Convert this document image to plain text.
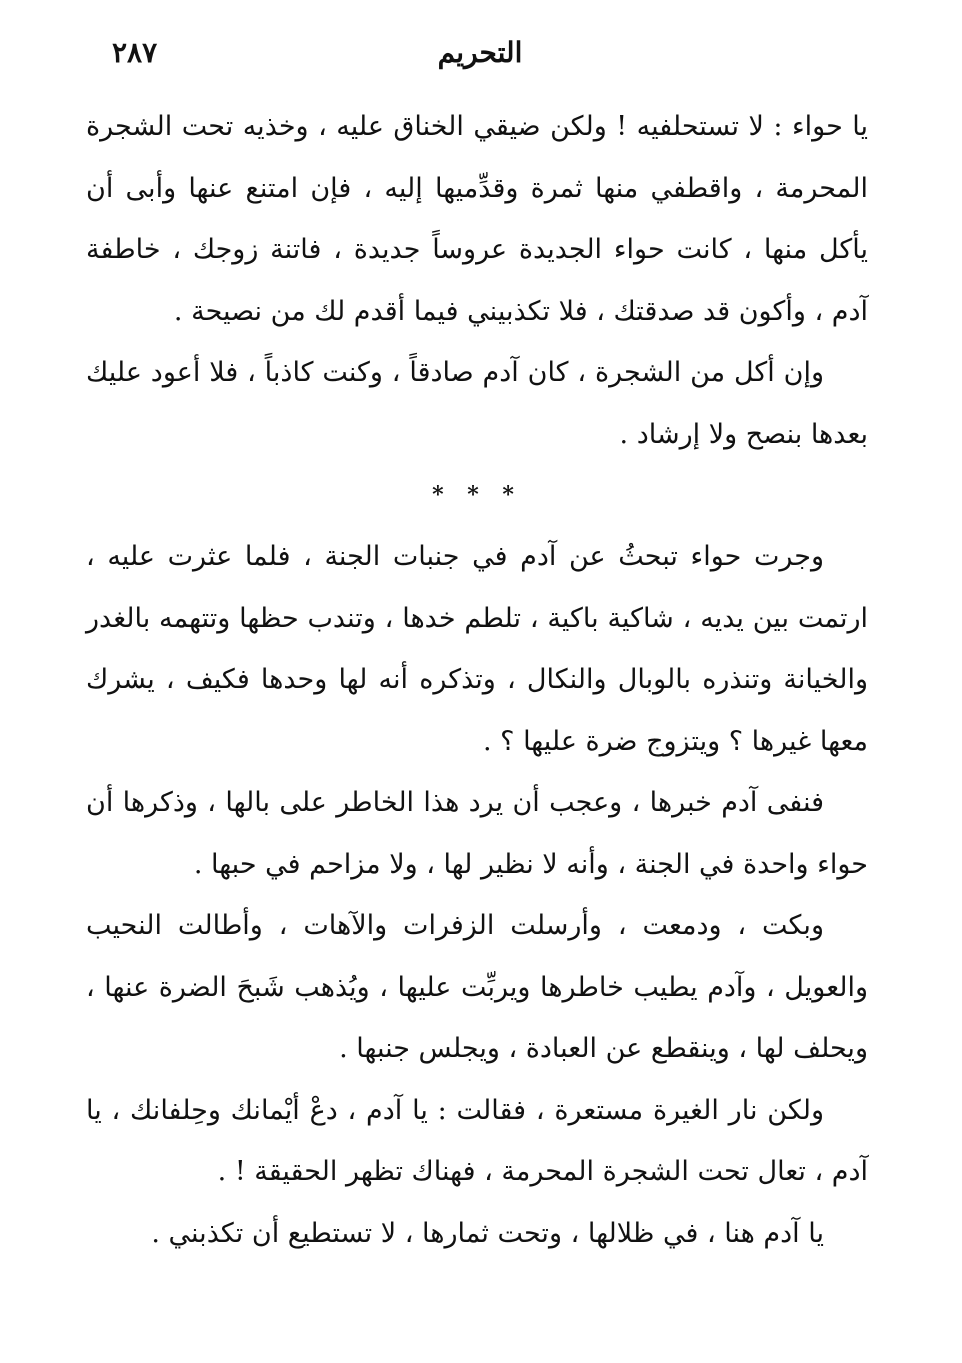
٢٨٧	التحريم

يا حواء : لا تستحلفيه ! ولكن ضيقي الخناق عليه ، وخذيه تحت الشجرة المحرمة ، واقطفي منها ثمرة وقدِّميها إليه ، فإن امتنع عنها وأبى أن يأكل منها ، كانت حواء الجديدة عروساً جديدة ، فاتنة زوجك ، خاطفة آدم ، وأكون قد صدقتك ، فلا تكذبيني فيما أقدم لك من نصيحة .

وإن أكل من الشجرة ، كان آدم صادقاً ، وكنت كاذباً ، فلا أعود عليك بعدها بنصح ولا إرشاد .

* * *

وجرت حواء تبحثُ عن آدم في جنبات الجنة ، فلما عثرت عليه ، ارتمت بين يديه ، شاكية باكية ، تلطم خدها ، وتندب حظها وتتهمه بالغدر والخيانة وتنذره بالوبال والنكال ، وتذكره أنه لها وحدها فكيف ، يشرك معها غيرها ؟ ويتزوج ضرة عليها ؟ .

فنفى آدم خبرها ، وعجب أن يرد هذا الخاطر على بالها ، وذكرها أن حواء واحدة في الجنة ، وأنه لا نظير لها ، ولا مزاحم في حبها .

وبكت ، ودمعت ، وأرسلت الزفرات والآهات ، وأطالت النحيب والعويل ، وآدم يطيب خاطرها ويربِّت عليها ، ويُذهب شَبحَ الضرة عنها ، ويحلف لها ، وينقطع عن العبادة ، ويجلس جنبها .

ولكن نار الغيرة مستعرة ، فقالت : يا آدم ، دعْ أيْمانك وحِلفانك ، يا آدم ، تعال تحت الشجرة المحرمة ، فهناك تظهر الحقيقة ! .

يا آدم هنا ، في ظلالها ، وتحت ثمارها ، لا تستطيع أن تكذبني .
